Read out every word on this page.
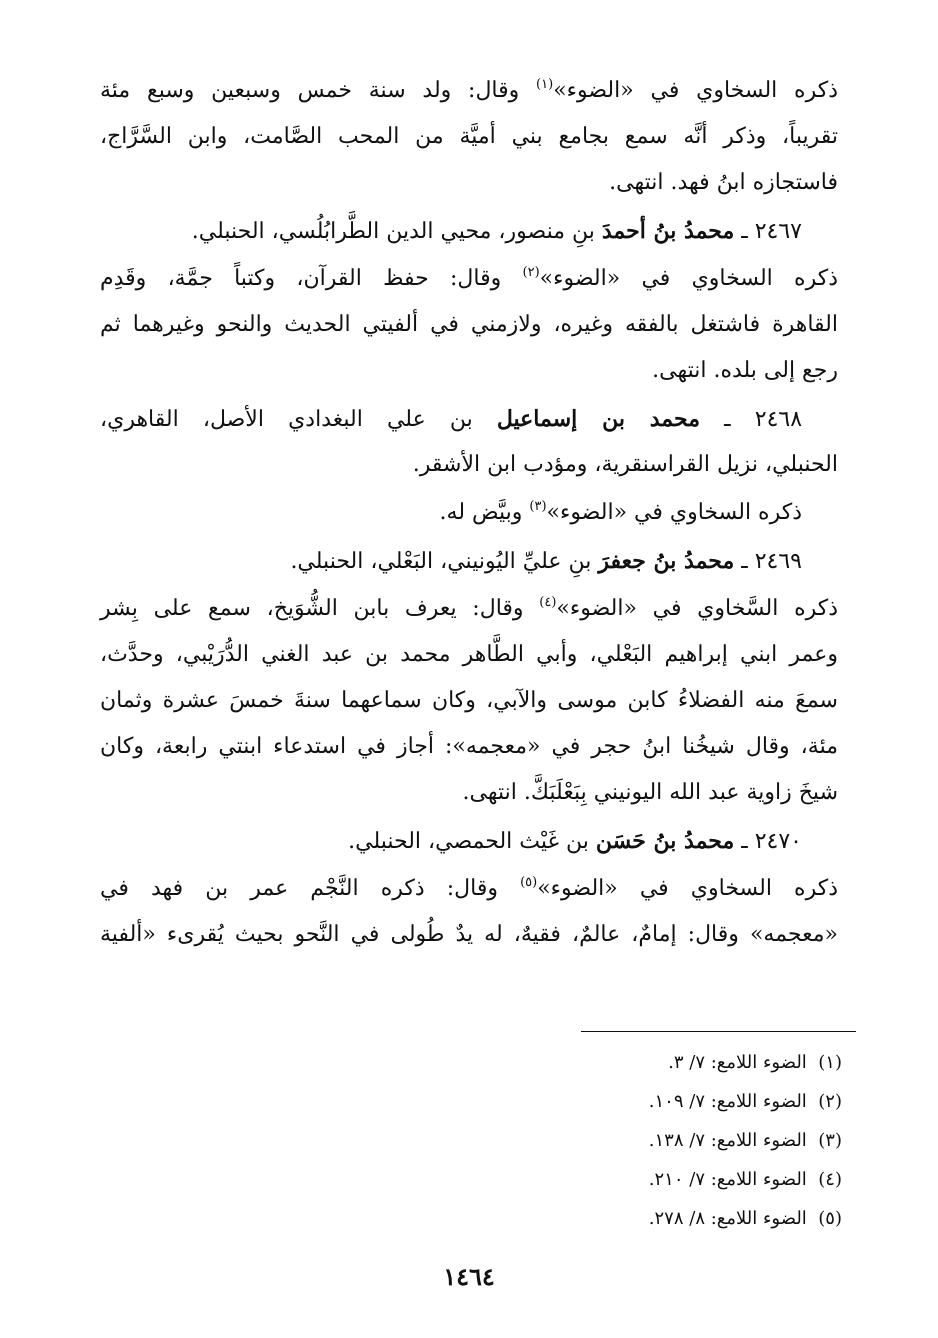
ذكره السخاوي في «الضوء»$^{(١)}$ وقال: ولد سنة خمس وسبعين وسبع مئة
تقريباً، وذكر أنَّه سمع بجامع بني أميَّة من المحب الصَّامت، وابن السَّرَّاج،
فاستجازه ابنُ فهد. انتهى.
٢٤٦٧ ـ محمدُ بنُ أحمدَ بنِ منصور، محيي الدين الطَّرابُلُسي، الحنبلي.
ذكره السخاوي في «الضوء»$^{(٢)}$ وقال: حفظ القرآن، وكتباً جمَّة، وقَدِم
القاهرة فاشتغل بالفقه وغيره، ولازمني في ألفيتي الحديث والنحو وغيرهما ثم
رجع إلى بلده. انتهى.
٢٤٦٨ ـ محمد بن إسماعيل بن علي البغدادي الأصل، القاهري،
الحنبلي، نزيل القراسنقرية، ومؤدب ابن الأشقر.
ذكره السخاوي في «الضوء»$^{(٣)}$ وبيَّض له.
٢٤٦٩ ـ محمدُ بنُ جعفرَ بنِ عليِّ اليُونيني، البَعْلي، الحنبلي.
ذكره السَّخاوي في «الضوء»$^{(٤)}$ وقال: يعرف بابن الشُّوَيخ، سمع على بِشر
وعمر ابني إبراهيم البَعْلي، وأبي الطَّاهر محمد بن عبد الغني الدُّرَيْبي، وحدَّث،
سمعَ منه الفضلاءُ كابن موسى والآبي، وكان سماعهما سنةَ خمسَ عشرة وثمان
مئة، وقال شيخُنا ابنُ حجر في «معجمه»: أجاز في استدعاء ابنتي رابعة، وكان
شيخَ زاوية عبد الله اليونيني بِبَعْلَبَكَّ. انتهى.
٢٤٧٠ ـ محمدُ بنُ حَسَن بن غَيْث الحمصي، الحنبلي.
ذكره السخاوي في «الضوء»$^{(٥)}$ وقال: ذكره النَّجْم عمر بن فهد في
«معجمه» وقال: إمامٌ، عالمٌ، فقيهٌ، له يدٌ طُولى في النَّحو بحيث يُقرىء «ألفية
(١)  الضوء اللامع: ٧/ ٣.
(٢)  الضوء اللامع: ٧/ ١٠٩.
(٣)  الضوء اللامع: ٧/ ١٣٨.
(٤)  الضوء اللامع: ٧/ ٢١٠.
(٥)  الضوء اللامع: ٨/ ٢٧٨.
١٤٦٤
